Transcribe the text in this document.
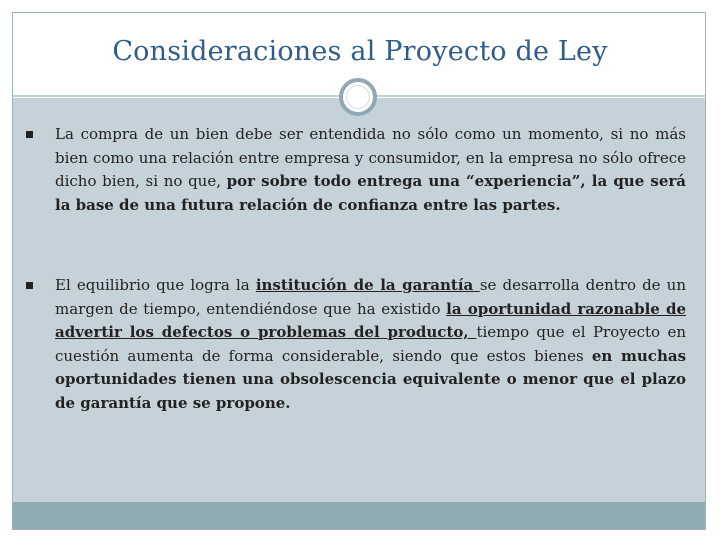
Consideraciones al Proyecto de Ley
La compra de un bien debe ser entendida no sólo como un momento, si no más bien como una relación entre empresa y consumidor, en la empresa no sólo ofrece dicho bien, si no que, por sobre todo entrega una “experiencia”, la que será la base de una futura relación de confianza entre las partes.
El equilibrio que logra la institución de la garantía se desarrolla dentro de un margen de tiempo, entendiéndose que ha existido la oportunidad razonable de advertir los defectos o problemas del producto, tiempo que el Proyecto en cuestión aumenta de forma considerable, siendo que estos bienes en muchas oportunidades tienen una obsolescencia equivalente o menor que el plazo de garantía que se propone.
